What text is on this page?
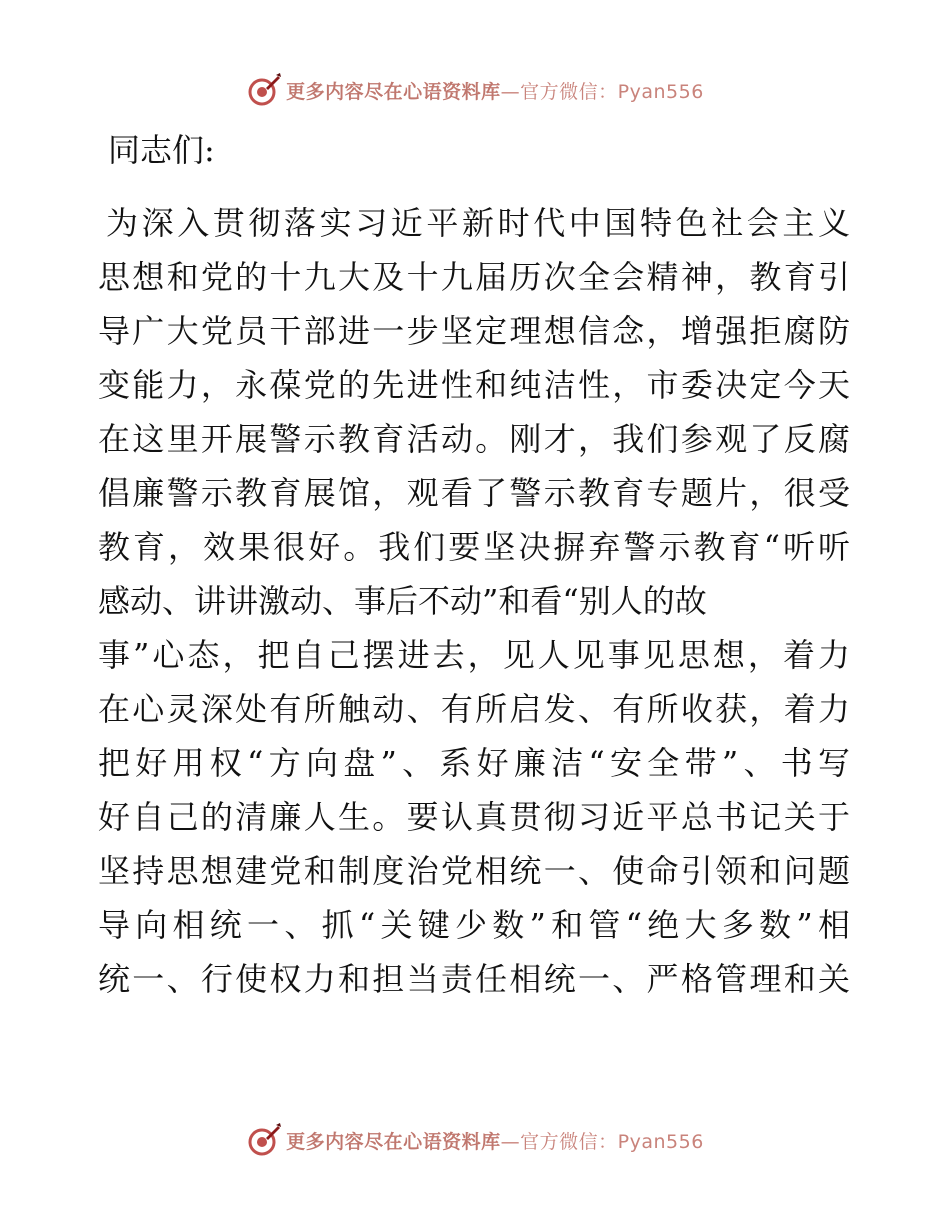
更多内容尽在心语资料库—官方微信：Pyan556
同志们:
为深入贯彻落实习近平新时代中国特色社会主义
思想和党的十九大及十九届历次全会精神，教育引
导广大党员干部进一步坚定理想信念，增强拒腐防
变能力，永葆党的先进性和纯洁性，市委决定今天
在这里开展警示教育活动。刚才，我们参观了反腐
倡廉警示教育展馆，观看了警示教育专题片，很受
教育，效果很好。我们要坚决摒弃警示教育“听听
感动、讲讲激动、事后不动”和看“别人的故
事”心态，把自己摆进去，见人见事见思想，着力
在心灵深处有所触动、有所启发、有所收获，着力
把好用权“方向盘”、系好廉洁“安全带”、书写
好自己的清廉人生。要认真贯彻习近平总书记关于
坚持思想建党和制度治党相统一、使命引领和问题
导向相统一、抓“关键少数”和管“绝大多数”相
统一、行使权力和担当责任相统一、严格管理和关
更多内容尽在心语资料库—官方微信：Pyan556
